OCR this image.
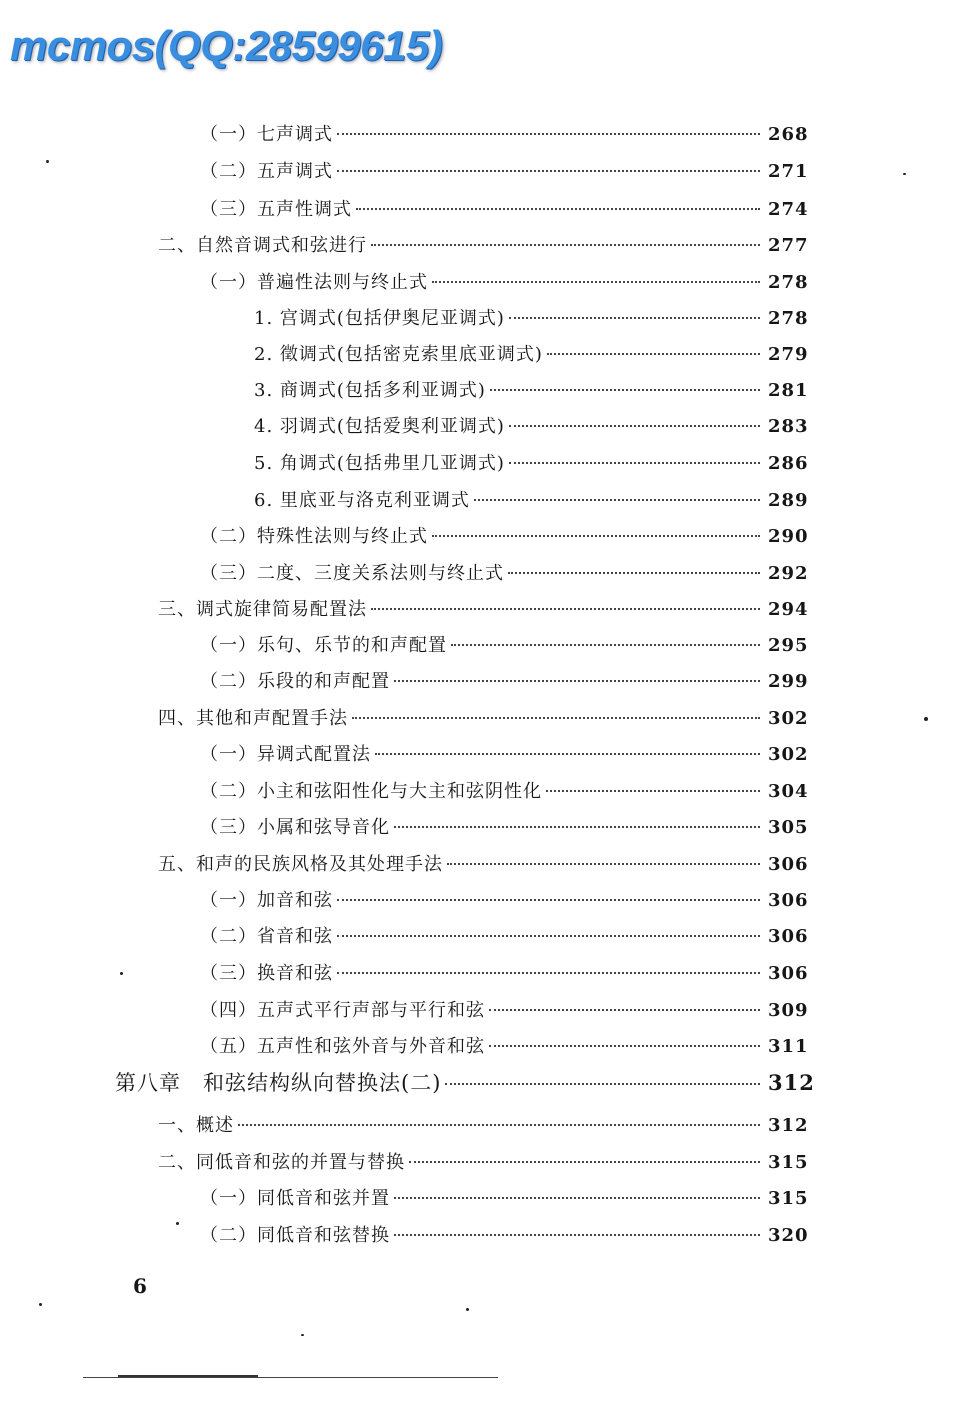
mcmos(QQ:28599615)
（一）七声调式	268
（二）五声调式	271
（三）五声性调式	274
二、自然音调式和弦进行	277
（一）普遍性法则与终止式	278
1. 宫调式(包括伊奥尼亚调式)	278
2. 徵调式(包括密克索里底亚调式)	279
3. 商调式(包括多利亚调式)	281
4. 羽调式(包括爱奥利亚调式)	283
5. 角调式(包括弗里几亚调式)	286
6. 里底亚与洛克利亚调式	289
（二）特殊性法则与终止式	290
（三）二度、三度关系法则与终止式	292
三、调式旋律简易配置法	294
（一）乐句、乐节的和声配置	295
（二）乐段的和声配置	299
四、其他和声配置手法	302
（一）异调式配置法	302
（二）小主和弦阳性化与大主和弦阴性化	304
（三）小属和弦导音化	305
五、和声的民族风格及其处理手法	306
（一）加音和弦	306
（二）省音和弦	306
（三）换音和弦	306
（四）五声式平行声部与平行和弦	309
（五）五声性和弦外音与外音和弦	311
第八章　和弦结构纵向替换法(二)	312
一、概述	312
二、同低音和弦的并置与替换	315
（一）同低音和弦并置	315
（二）同低音和弦替换	320
6
